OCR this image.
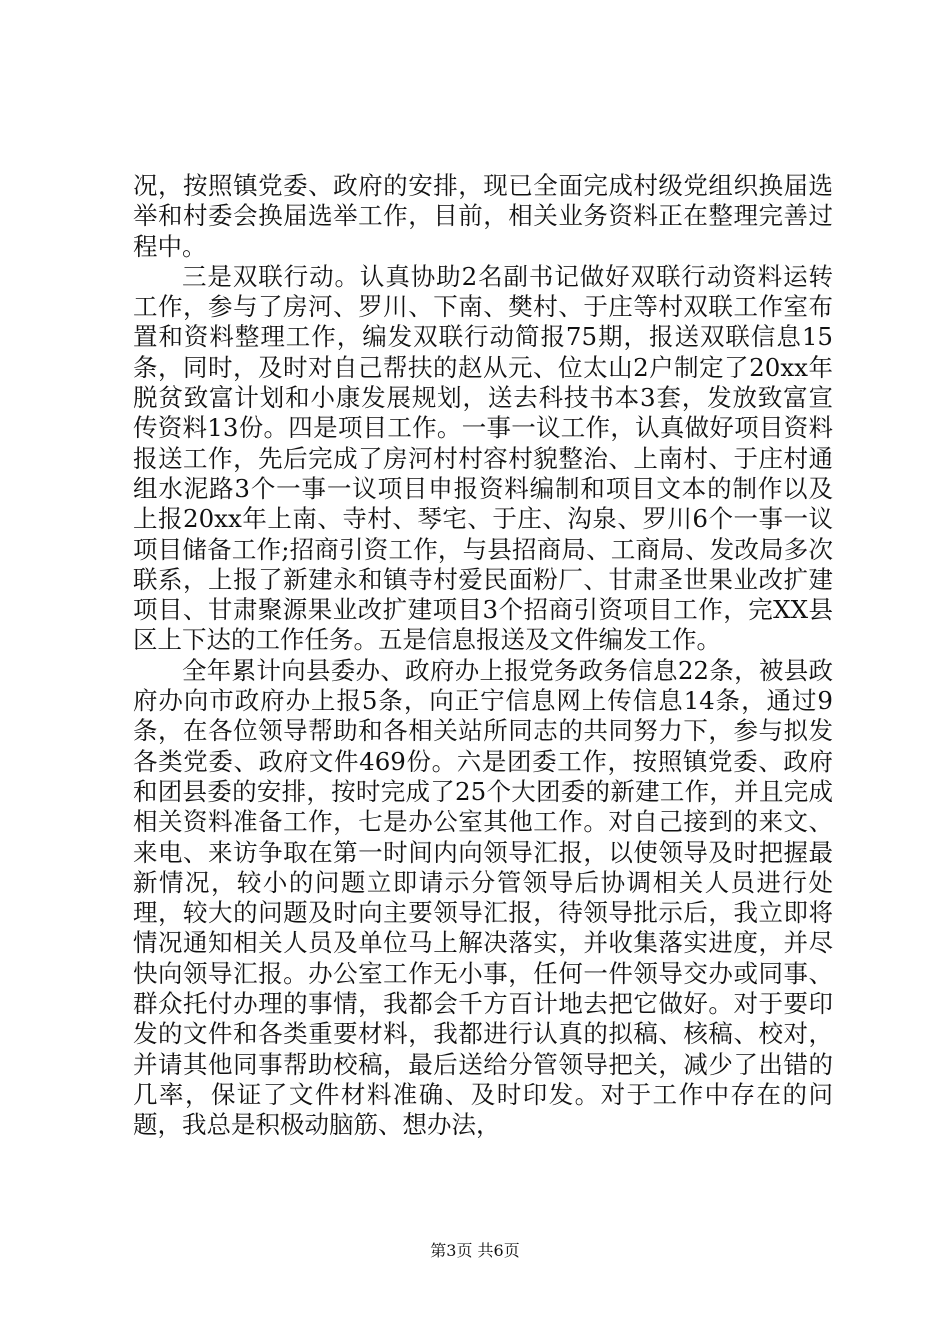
况，按照镇党委、政府的安排，现已全面完成村级党组织换届选举和村委会换届选举工作，目前，相关业务资料正在整理完善过程中。

三是双联行动。认真协助2名副书记做好双联行动资料运转工作，参与了房河、罗川、下南、樊村、于庄等村双联工作室布置和资料整理工作，编发双联行动简报75期，报送双联信息15条，同时，及时对自己帮扶的赵从元、位太山2户制定了20xx年脱贫致富计划和小康发展规划，送去科技书本3套，发放致富宣传资料13份。四是项目工作。一事一议工作，认真做好项目资料报送工作，先后完成了房河村村容村貌整治、上南村、于庄村通组水泥路3个一事一议项目申报资料编制和项目文本的制作以及上报20xx年上南、寺村、琴宅、于庄、沟泉、罗川6个一事一议项目储备工作;招商引资工作，与县招商局、工商局、发改局多次联系，上报了新建永和镇寺村爱民面粉厂、甘肃圣世果业改扩建项目、甘肃聚源果业改扩建项目3个招商引资项目工作，完XX县区上下达的工作任务。五是信息报送及文件编发工作。

全年累计向县委办、政府办上报党务政务信息22条，被县政府办向市政府办上报5条，向正宁信息网上传信息14条，通过9条，在各位领导帮助和各相关站所同志的共同努力下，参与拟发各类党委、政府文件469份。六是团委工作，按照镇党委、政府和团县委的安排，按时完成了25个大团委的新建工作，并且完成相关资料准备工作，七是办公室其他工作。对自己接到的来文、来电、来访争取在第一时间内向领导汇报，以使领导及时把握最新情况，较小的问题立即请示分管领导后协调相关人员进行处理，较大的问题及时向主要领导汇报，待领导批示后，我立即将情况通知相关人员及单位马上解决落实，并收集落实进度，并尽快向领导汇报。办公室工作无小事，任何一件领导交办或同事、群众托付办理的事情，我都会千方百计地去把它做好。对于要印发的文件和各类重要材料，我都进行认真的拟稿、核稿、校对，并请其他同事帮助校稿，最后送给分管领导把关，减少了出错的几率，保证了文件材料准确、及时印发。对于工作中存在的问题，我总是积极动脑筋、想办法，

第3页 共6页
